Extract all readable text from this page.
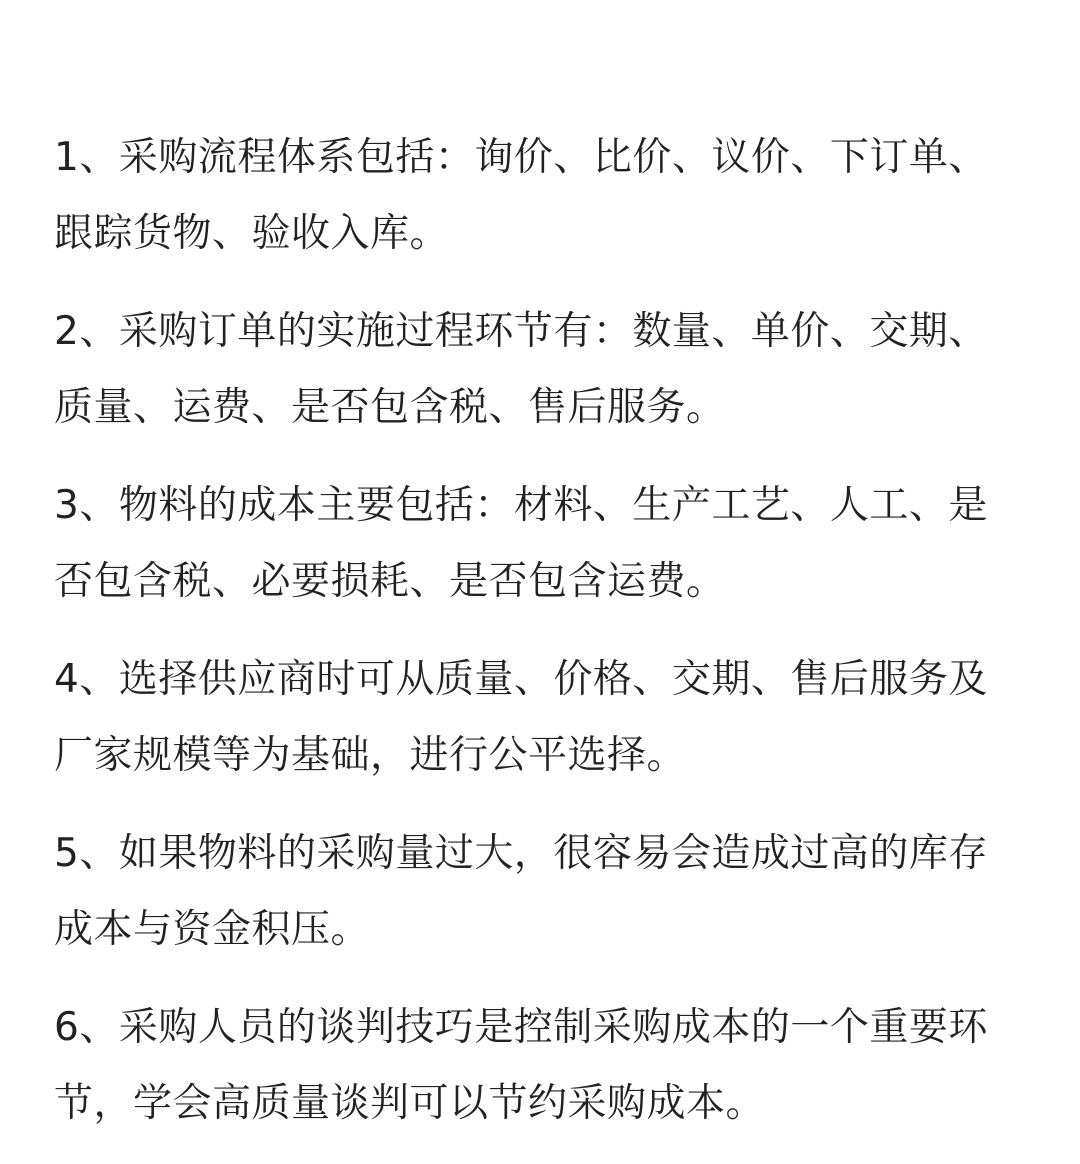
1、采购流程体系包括：询价、比价、议价、下订单、
跟踪货物、验收入库。

2、采购订单的实施过程环节有：数量、单价、交期、
质量、运费、是否包含税、售后服务。

3、物料的成本主要包括：材料、生产工艺、人工、是
否包含税、必要损耗、是否包含运费。

4、选择供应商时可从质量、价格、交期、售后服务及
厂家规模等为基础，进行公平选择。

5、如果物料的采购量过大，很容易会造成过高的库存
成本与资金积压。

6、采购人员的谈判技巧是控制采购成本的一个重要环
节，学会高质量谈判可以节约采购成本。
